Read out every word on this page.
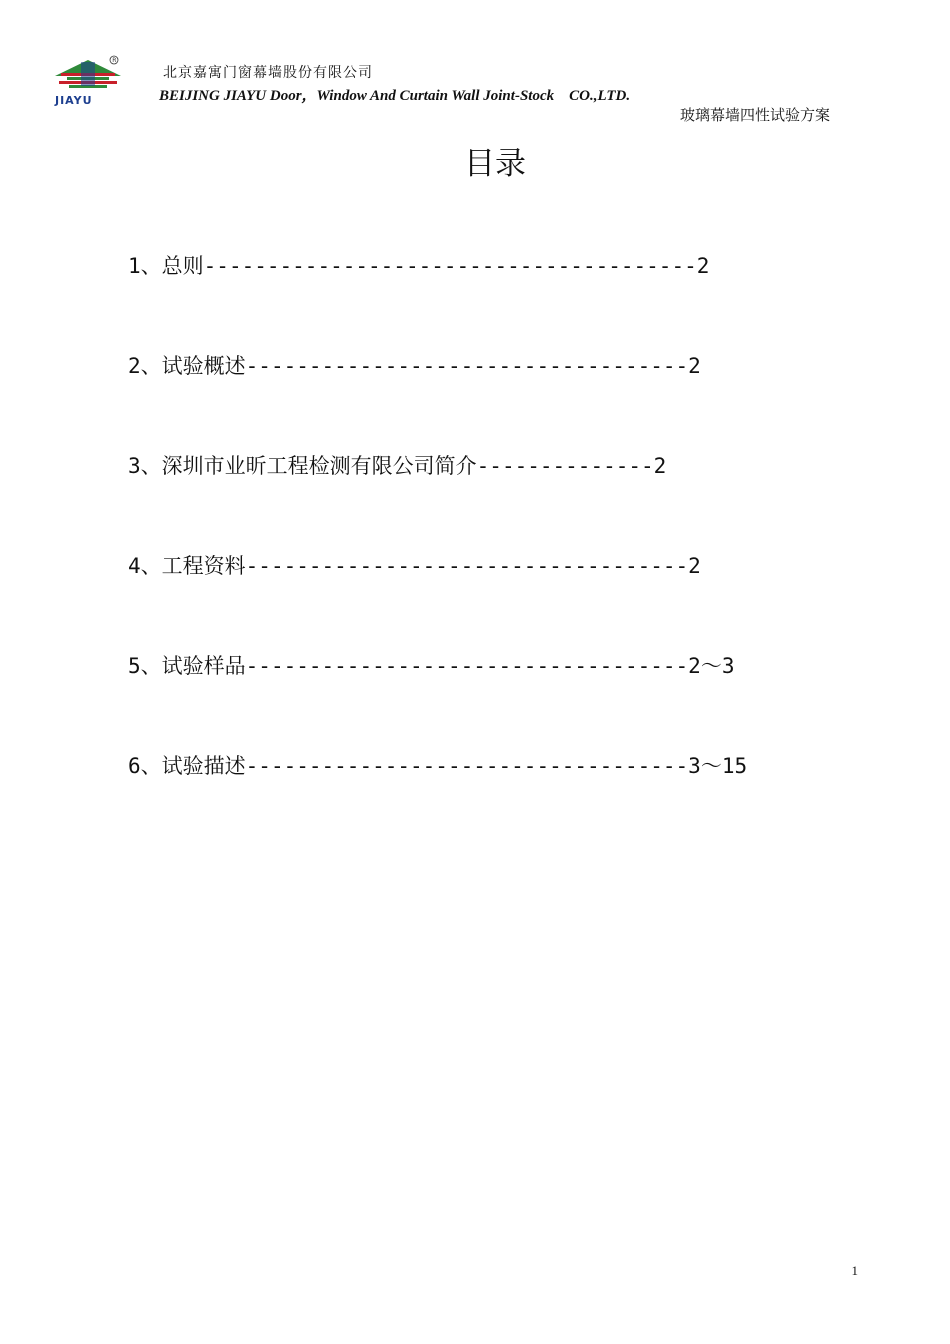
R
JIAYU
北京嘉寓门窗幕墙股份有限公司
BEIJING JIAYU Door，Window And Curtain Wall Joint-Stock    CO.,LTD.
玻璃幕墙四性试验方案
目录
1、总则---------------------------------------2
2、试验概述-----------------------------------2
3、深圳市业昕工程检测有限公司简介--------------2
4、工程资料-----------------------------------2
5、试验样品-----------------------------------2～3
6、试验描述-----------------------------------3～15
1
